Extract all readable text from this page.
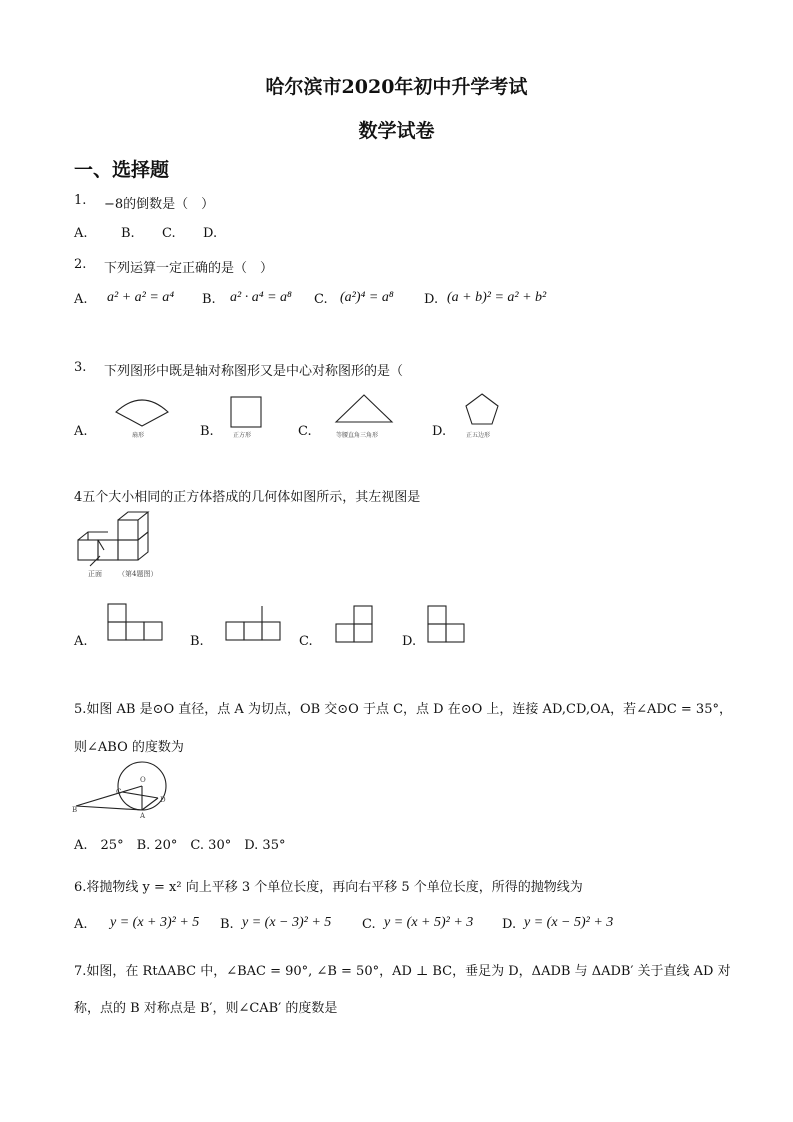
哈尔滨市2020年初中升学考试
数学试卷
一、选择题
1. −8的倒数是（　）
A.	B. C. D.
2. 下列运算一定正确的是（　）
A. a² + a² = a⁴ B. a² · a⁴ = a⁸ C. (a²)⁴ = a⁸ D. (a + b)² = a² + b²
3. 下列图形中既是轴对称图形又是中心对称图形的是（
A.	扇形	B.	正方形	C.	等腰直角三角形	D.	正五边形
4五个大小相同的正方体搭成的几何体如图所示，其左视图是
正面 （第4题图）
A.	B.	C.	D.
5.如图 AB 是⊙O 直径，点 A 为切点，OB 交⊙O 于点 C，点 D 在⊙O 上，连接 AD,CD,OA，若∠ADC = 35°，
则∠ABO 的度数为
O
C
D
B
A
A.　25°　B. 20°　C. 30°　D. 35°
6.将抛物线 y = x² 向上平移 3 个单位长度，再向右平移 5 个单位长度，所得的抛物线为
A. y = (x + 3)² + 5 B. y = (x − 3)² + 5 C. y = (x + 5)² + 3 D. y = (x − 5)² + 3
7.如图，在 RtΔABC 中，∠BAC = 90°, ∠B = 50°，AD ⊥ BC，垂足为 D，ΔADB 与 ΔADB′ 关于直线 AD 对
称，点的 B 对称点是 B′，则∠CAB′ 的度数是
